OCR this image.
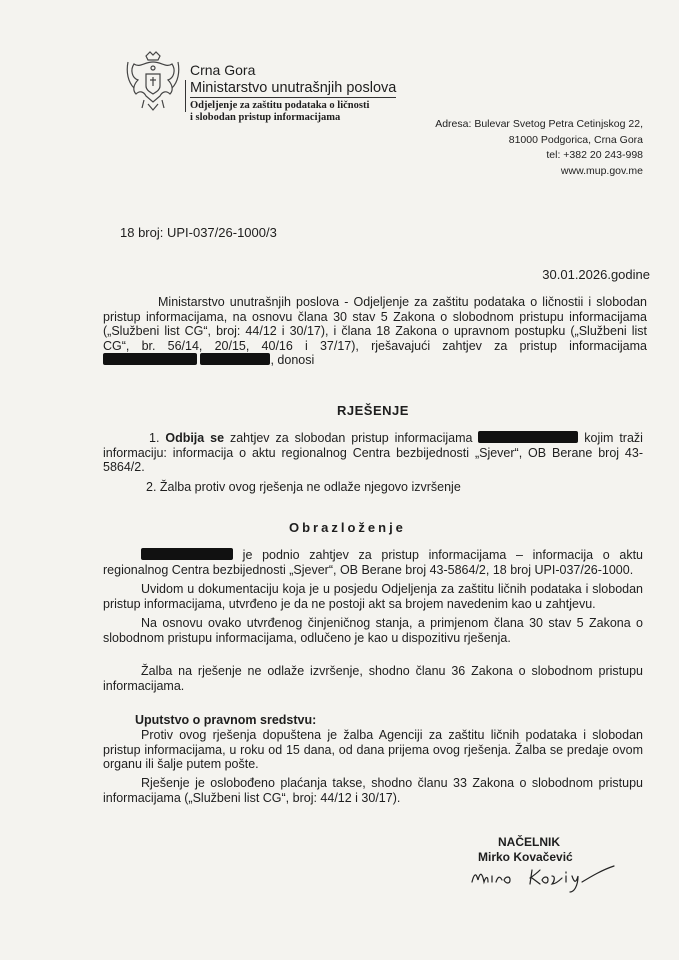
Crna Gora
Ministarstvo unutrašnjih poslova
Odjeljenje za zaštitu podataka o ličnosti
i slobodan pristup informacijama
Adresa: Bulevar Svetog Petra Cetinjskog 22,
81000 Podgorica, Crna Gora
tel: +382 20 243-998
www.mup.gov.me
18 broj: UPI-037/26-1000/3
30.01.2026.godine

Ministarstvo unutrašnjih poslova - Odjeljenje za zaštitu podataka o ličnostii i slobodan pristup informacijama, na osnovu člana 30 stav 5 Zakona o slobodnom pristupu informacijama („Službeni list CG“, broj: 44/12 i 30/17), i člana 18 Zakona o upravnom postupku („Službeni list CG“, br. 56/14, 20/15, 40/16 i 37/17), rješavajući zahtjev za pristup informacijama  , donosi

RJEŠENJE

1. Odbija se zahtjev za slobodan pristup informacijama	kojim traži informaciju: informacija o aktu regionalnog Centra bezbijednosti „Sjever“, OB Berane broj 43-5864/2.

2. Žalba protiv ovog rješenja ne odlaže njegovo izvršenje

Obrazloženje

je podnio zahtjev za pristup informacijama – informacija o aktu regionalnog Centra bezbijednosti „Sjever“, OB Berane broj 43-5864/2, 18 broj UPI-037/26-1000.

Uvidom u dokumentaciju koja je u posjedu Odjeljenja za zaštitu ličnih podataka i slobodan pristup informacijama, utvrđeno je da ne postoji akt sa brojem navedenim kao u zahtjevu.

Na osnovu ovako utvrđenog činjeničnog stanja, a primjenom člana 30 stav 5 Zakona o slobodnom pristupu informacijama, odlučeno je kao u dispozitivu rješenja.

Žalba na rješenje ne odlaže izvršenje, shodno članu 36 Zakona o slobodnom pristupu informacijama.

Uputstvo o pravnom sredstvu:

Protiv ovog rješenja dopuštena je žalba Agenciji za zaštitu ličnih podataka i slobodan pristup informacijama, u roku od 15 dana, od dana prijema ovog rješenja. Žalba se predaje ovom organu ili šalje putem pošte.

Rješenje je oslobođeno plaćanja takse, shodno članu 33 Zakona o slobodnom pristupu informacijama („Službeni list CG“, broj: 44/12 i 30/17).

NAČELNIK
Mirko Kovačević
